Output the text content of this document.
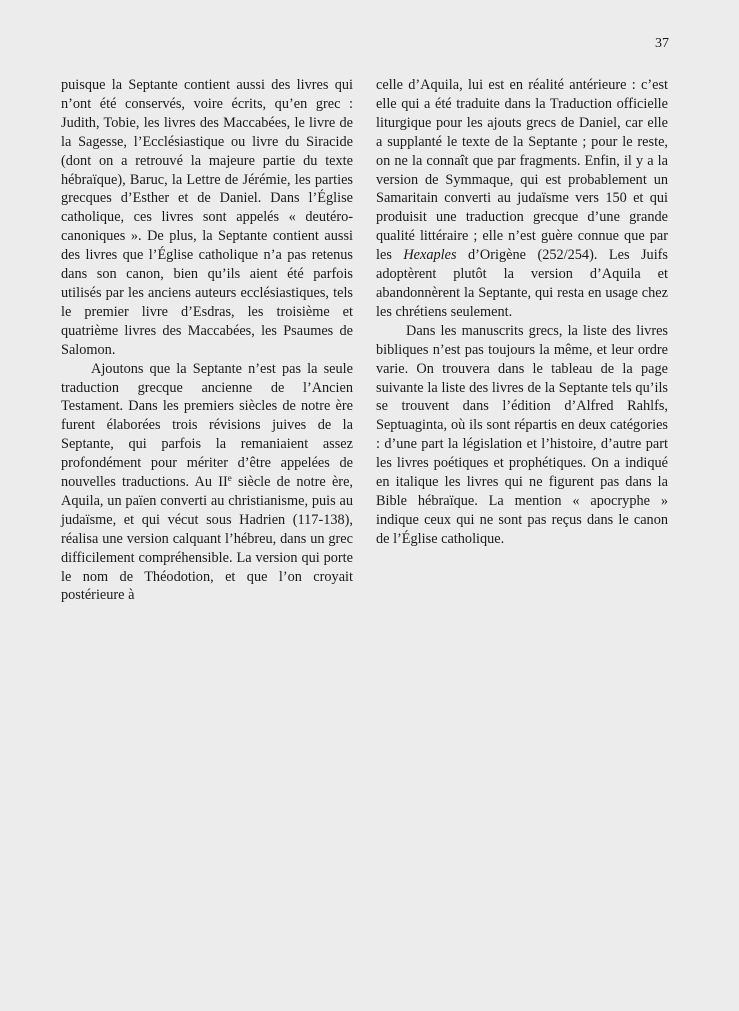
37

puisque la Septante contient aussi des livres qui n’ont été conservés, voire écrits, qu’en grec : Judith, Tobie, les livres des Maccabées, le livre de la Sagesse, l’Ecclésiastique ou livre du Siracide (dont on a retrouvé la majeure partie du texte hébraïque), Baruc, la Lettre de Jérémie, les parties grecques d’Esther et de Daniel. Dans l’Église catholique, ces livres sont appelés « deutéro-canoniques ». De plus, la Septante contient aussi des livres que l’Église catholique n’a pas retenus dans son canon, bien qu’ils aient été parfois utilisés par les anciens auteurs ecclésiastiques, tels le premier livre d’Esdras, les troisième et quatrième livres des Maccabées, les Psaumes de Salomon.

Ajoutons que la Septante n’est pas la seule traduction grecque ancienne de l’Ancien Testament. Dans les premiers siècles de notre ère furent élaborées trois révisions juives de la Septante, qui parfois la remaniaient assez profondément pour mériter d’être appelées de nouvelles traductions. Au IIe siècle de notre ère, Aquila, un païen converti au christianisme, puis au judaïsme, et qui vécut sous Hadrien (117-138), réalisa une version calquant l’hébreu, dans un grec difficilement compréhensible. La version qui porte le nom de Théodotion, et que l’on croyait postérieure à

celle d’Aquila, lui est en réalité antérieure : c’est elle qui a été traduite dans la Traduction officielle liturgique pour les ajouts grecs de Daniel, car elle a supplanté le texte de la Septante ; pour le reste, on ne la connaît que par fragments. Enfin, il y a la version de Symmaque, qui est probablement un Samaritain converti au judaïsme vers 150 et qui produisit une traduction grecque d’une grande qualité littéraire ; elle n’est guère connue que par les Hexaples d’Origène (252/254). Les Juifs adoptèrent plutôt la version d’Aquila et abandonnèrent la Septante, qui resta en usage chez les chrétiens seulement.

Dans les manuscrits grecs, la liste des livres bibliques n’est pas toujours la même, et leur ordre varie. On trouvera dans le tableau de la page suivante la liste des livres de la Septante tels qu’ils se trouvent dans l’édition d’Alfred Rahlfs, Septuaginta, où ils sont répartis en deux catégories : d’une part la législation et l’histoire, d’autre part les livres poétiques et prophétiques. On a indiqué en italique les livres qui ne figurent pas dans la Bible hébraïque. La mention « apocryphe » indique ceux qui ne sont pas reçus dans le canon de l’Église catholique.
